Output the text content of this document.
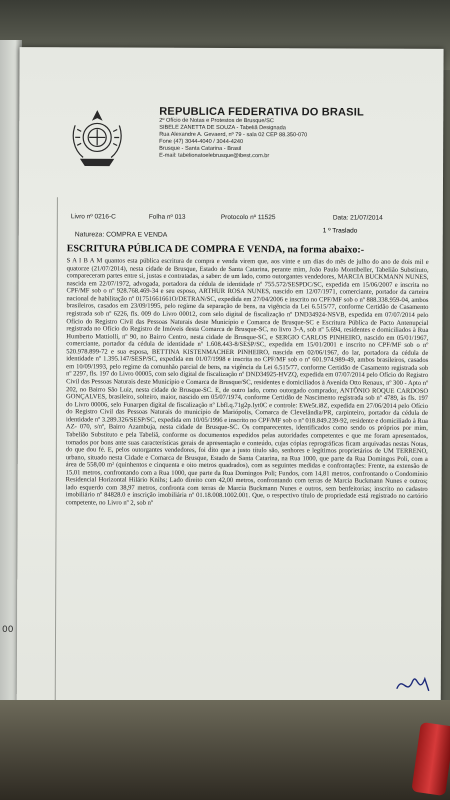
00
REPUBLICA FEDERATIVA DO BRASIL
2º Ofício de Notas e Protestos de Brusque/SC
SIBELE ZANETTA DE SOUZA - Tabeliã Designada
Rua Alexandre A. Gevaerd, nº 79 - sala 02 CEP 88.350-070
Fone (47) 3044-4040 / 3044-4240
Brusque - Santa Catarina - Brasil
E-mail: tabelionatoelebrusque@ibest.com.br
Livro nº 0216-C	Folha nº 013	Protocolo nº 11525	Data: 21/07/2014
1 º Traslado
Natureza: COMPRA E VENDA
ESCRITURA PÚBLICA DE COMPRA E VENDA, na forma abaixo:-

S A I B A M quantos esta pública escritura de compra e venda virem que, aos vinte e um dias do mês de julho do ano de dois mil e quatorze (21/07/2014), nesta cidade de Brusque, Estado de Santa Catarina, perante mim, João Paulo Montibeller, Tabelião Substituto, compareceram partes entre si, justas e contratadas, a saber: de um lado, como outorgantes vendedores, MARCIA BUCKMANN NUNES, nascida em 22/07/1972, advogada, portadora da cédula de identidade nº 755.572/SESPDC/SC, expedida em 15/06/2007 e inscrita no CPF/MF sob o nº 928.768.469-34 e seu esposo, ARTHUR ROSA NUNES, nascido em 12/07/1971, comerciante, portador da carteira nacional de habilitação nº 01751661661O/DETRAN/SC, expedida em 27/04/2006 e inscrito no CPF/MF sob o nº 888.338.959-04, ambos brasileiros, casados em 23/09/1995, pelo regime da separação de bens, na vigência da Lei 6.515/77, conforme Certidão de Casamento registrada sob nº 6226, fls. 009 do Livro 00012, com selo digital de fiscalização nº DND34924-NSVB, expedida em 07/07/2014 pelo Ofício do Registro Civil das Pessoas Naturais deste Município e Comarca de Brusque-SC e Escritura Pública de Pacto Antenupcial registrada no Ofício do Registro de Imóveis desta Comarca de Brusque-SC, no livro 3-A, sob nº 5.694, residentes e domiciliados à Rua Humberto Mattiolli, nº 90, no Bairro Centro, nesta cidade de Brusque-SC, e SERGIO CARLOS PINHEIRO, nascido em 05/01/1967, comerciante, portador da cédula de identidade nº 1.608.443-8/SESP/SC, expedida em 15/01/2001 e inscrito no CPF/MF sob o nº 520.978.899-72 e sua esposa, BETTINA KISTENMACHER PINHEIRO, nascida em 02/06/1967, do lar, portadora da cédula de identidade nº 1.395.147/SESP/SC, expedida em 01/07/1998 e inscrita no CPF/MF sob o nº 601.974.989-49, ambos brasileiros, casados em 10/09/1993, pelo regime da comunhão parcial de bens, na vigência da Lei 6.515/77, conforme Certidão de Casamento registrada sob nº 2297, fls. 197 do Livro 00005, com selo digital de fiscalização nº DND34925-HVZQ, expedida em 07/07/2014 pelo Ofício do Registro Civil das Pessoas Naturais deste Município e Comarca de Brusque/SC, residentes e domiciliados à Avenida Otto Renaux, nº 300 - Apto nº 202, no Bairro São Luiz, nesta cidade de Brusque-SC. E, de outro lado, como outorgado comprador, ANTÔNIO ROQUE CARDOSO GONÇALVES, brasileiro, solteiro, maior, nascido em 05/07/1974, conforme Certidão de Nascimento registrada sob nº 4789, às fls. 197 do Livro 00006, selo Funarpen digital de fiscalização nº Lbfl.q.71g2p.Iyt0C e controle: EWe5t.i8Z, expedida em 27/06/2014 pelo Ofício do Registro Civil das Pessoas Naturais do município de Mariópolis, Comarca de Clevelândia/PR, carpinteiro, portador da cédula de identidade nº 3.289.326/SESP/SC, expedida em 10/05/1996 e inscrito no CPF/MF sob o nº 018.849.239-92, residente e domiciliado à Rua AZ- 070, s/nº, Bairro Azambuja, nesta cidade de Brusque-SC. Os comparecentes, identificados como sendo os próprios por mim, Tabelião Substituto e pela Tabeliã, conforme os documentos expedidos pelas autoridades competentes e que me foram apresentados, tomados por bons ante suas características gerais de apresentação e conteúdo, cujas cópias reprográficas ficam arquivadas nestas Notas, do que dou fé. E, pelos outorgantes vendedores, foi dito que a justo título são, senhores e legítimos proprietários de UM TERRENO, urbano, situado nesta Cidade e Comarca de Brusque, Estado de Santa Catarina, na Rua 1000, que parte da Rua Domingos Poli, com a área de 558,00 m² (quinhentos e cinquenta e oito metros quadrados), com as seguintes medidas e confrontações: Frente, na extensão de 15,01 metros, confrontando com a Rua 1000, que parte da Rua Domingos Poli; Fundos, com 14,81 metros, confrontando o Condomínio Residencial Horizontal Hilário Knihs; Lado direito com 42,00 metros, confrontando com terras de Marcia Buckmann Nunes e outros; lado esquerdo com 38,97 metros, confronta com terras de Marcia Buckmann Nunes e outros, sem benfeitorias; inscrito no cadastro imobiliário nº 84828.0 e inscrição imobiliária nº 01.18.008.1002.001. Que, o respectivo título de propriedade está registrado no cartório competente, no Livro nº 2, sob nº
